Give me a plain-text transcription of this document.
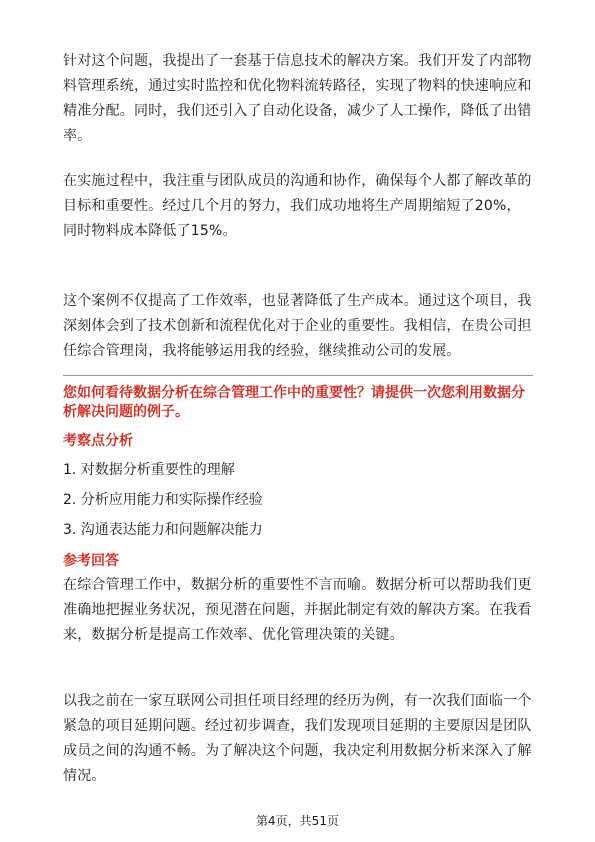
针对这个问题，我提出了一套基于信息技术的解决方案。我们开发了内部物料管理系统，通过实时监控和优化物料流转路径，实现了物料的快速响应和精准分配。同时，我们还引入了自动化设备，减少了人工操作，降低了出错率。

在实施过程中，我注重与团队成员的沟通和协作，确保每个人都了解改革的目标和重要性。经过几个月的努力，我们成功地将生产周期缩短了20%，同时物料成本降低了15%。

这个案例不仅提高了工作效率，也显著降低了生产成本。通过这个项目，我深刻体会到了技术创新和流程优化对于企业的重要性。我相信，在贵公司担任综合管理岗，我将能够运用我的经验，继续推动公司的发展。

您如何看待数据分析在综合管理工作中的重要性？请提供一次您利用数据分析解决问题的例子。

考察点分析

1. 对数据分析重要性的理解
2. 分析应用能力和实际操作经验
3. 沟通表达能力和问题解决能力

参考回答

在综合管理工作中，数据分析的重要性不言而喻。数据分析可以帮助我们更准确地把握业务状况，预见潜在问题，并据此制定有效的解决方案。在我看来，数据分析是提高工作效率、优化管理决策的关键。

以我之前在一家互联网公司担任项目经理的经历为例，有一次我们面临一个紧急的项目延期问题。经过初步调查，我们发现项目延期的主要原因是团队成员之间的沟通不畅。为了解决这个问题，我决定利用数据分析来深入了解情况。

第4页，共51页
